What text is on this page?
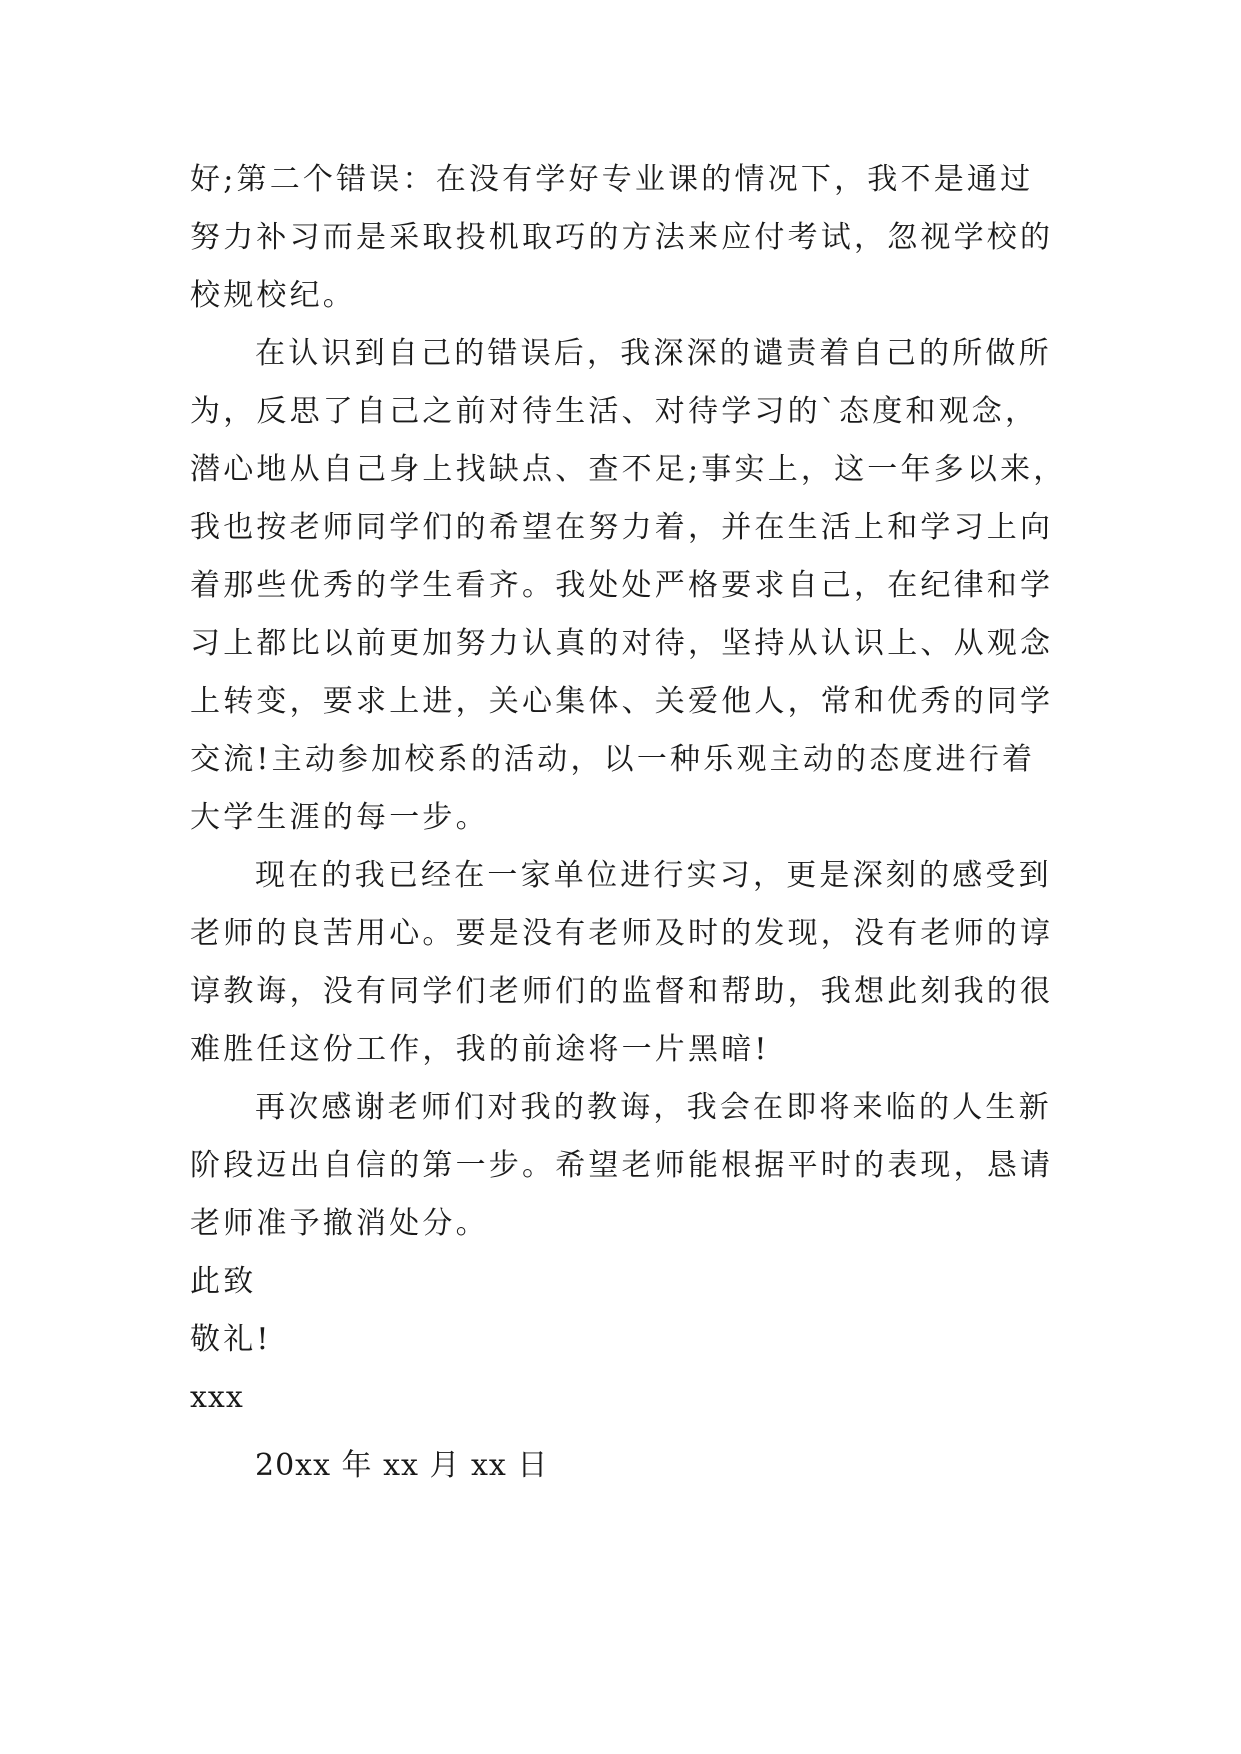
好;第二个错误：在没有学好专业课的情况下，我不是通过
努力补习而是采取投机取巧的方法来应付考试，忽视学校的
校规校纪。
在认识到自己的错误后，我深深的谴责着自己的所做所
为，反思了自己之前对待生活、对待学习的`态度和观念，
潜心地从自己身上找缺点、查不足;事实上，这一年多以来，
我也按老师同学们的希望在努力着，并在生活上和学习上向
着那些优秀的学生看齐。我处处严格要求自己，在纪律和学
习上都比以前更加努力认真的对待，坚持从认识上、从观念
上转变，要求上进，关心集体、关爱他人，常和优秀的同学
交流!主动参加校系的活动，以一种乐观主动的态度进行着
大学生涯的每一步。
现在的我已经在一家单位进行实习，更是深刻的感受到
老师的良苦用心。要是没有老师及时的发现，没有老师的谆
谆教诲，没有同学们老师们的监督和帮助，我想此刻我的很
难胜任这份工作，我的前途将一片黑暗!
再次感谢老师们对我的教诲，我会在即将来临的人生新
阶段迈出自信的第一步。希望老师能根据平时的表现，恳请
老师准予撤消处分。
此致
敬礼!
xxx
20xx 年 xx 月 xx 日
